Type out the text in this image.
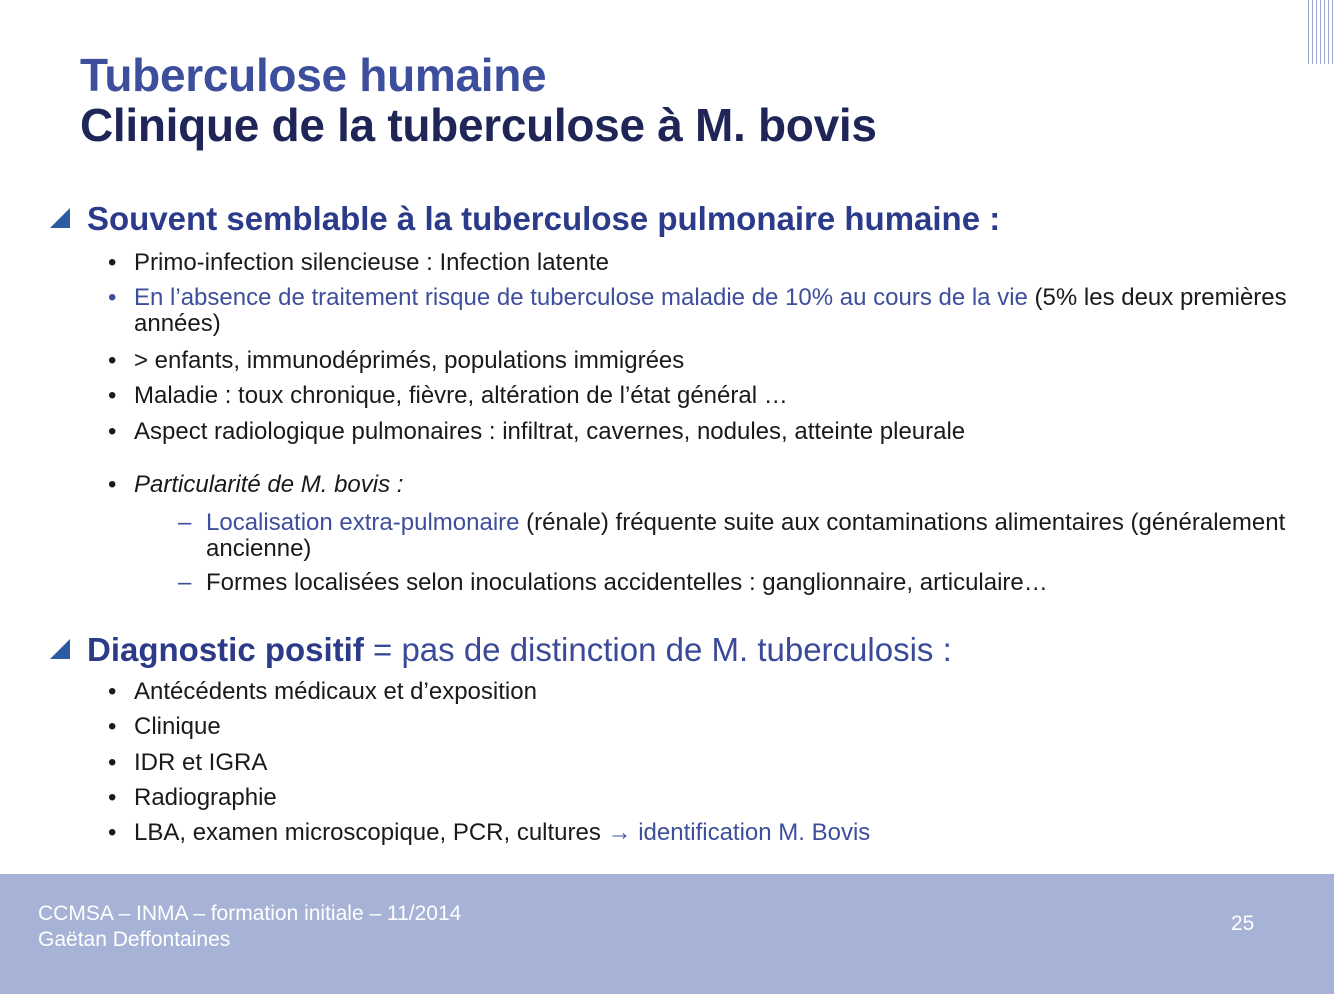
Tuberculose humaine
Clinique de la tuberculose à M. bovis
Souvent semblable à la tuberculose pulmonaire humaine :
• Primo-infection silencieuse : Infection latente
• En l’absence de traitement risque de tuberculose maladie de 10% au cours de la vie (5% les deux premières années)
• > enfants, immunodéprimés, populations immigrées
• Maladie : toux chronique, fièvre, altération de l’état général …
• Aspect radiologique pulmonaires : infiltrat, cavernes, nodules, atteinte pleurale
• Particularité de M. bovis :
– Localisation extra-pulmonaire (rénale) fréquente suite aux contaminations alimentaires (généralement ancienne)
– Formes localisées selon inoculations accidentelles : ganglionnaire, articulaire…
Diagnostic positif = pas de distinction de M. tuberculosis :
• Antécédents médicaux et d’exposition
• Clinique
• IDR et IGRA
• Radiographie
• LBA, examen microscopique, PCR, cultures → identification M. Bovis
CCMSA – INMA – formation initiale – 11/2014
Gaëtan Deffontaines
25
